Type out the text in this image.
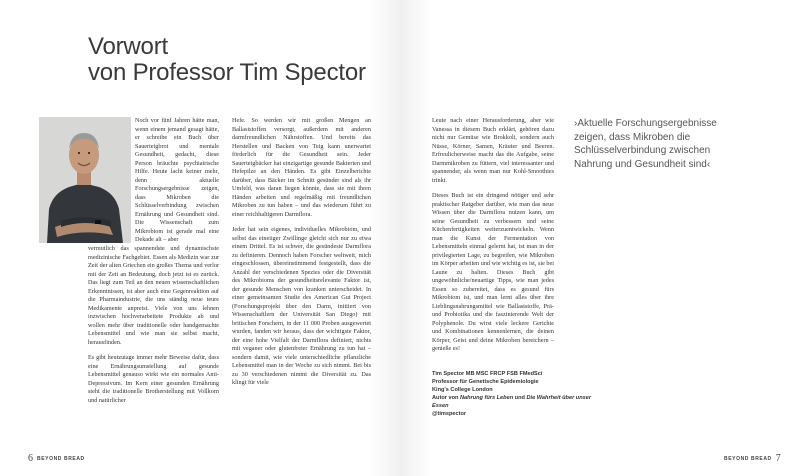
Vorwort
von Professor Tim Spector

Noch vor fünf Jahren hätte man, wenn einem jemand gesagt hätte, er schreibe ein Buch über Sauerteigbrot und mentale Gesundheit, gedacht, diese Person bräuchte psychiatrische Hilfe. Heute lacht keiner mehr, denn aktuelle Forschungsergebnisse zeigen, dass Mikroben die Schlüsselverbindung zwischen Ernährung und Gesundheit sind. Die Wissenschaft zum Mikrobiom ist gerade mal eine Dekade alt – aber

vermutlich das spannendste und dynamischste medizinische Fachgebiet. Essen als Medizin war zur Zeit der alten Griechen ein großes Thema und verlor mit der Zeit an Bedeutung, doch jetzt ist es zurück. Das liegt zum Teil an den neuen wissenschaftlichen Erkenntnissen, ist aber auch eine Gegenreaktion auf die Pharmaindustrie, die uns ständig neue teure Medikamente anpreist. Viele von uns lehnen inzwischen hochverarbeitete Produkte ab und wollen mehr über traditionelle oder handgemachte Lebensmittel und wie man sie selbst macht, herausfinden.

Es gibt heutzutage immer mehr Beweise dafür, dass eine Ernährungsumstellung auf gesunde Lebensmittel genauso wirkt wie ein normales Anti-Depressivum. Im Kern einer gesunden Ernährung steht die traditionelle Brotherstellung mit Vollkorn und natürlicher

Hefe. So werden wir mit großen Mengen an Ballaststoffen versorgt, außerdem mit anderen darmfreundlichen Nährstoffen. Und bereits das Herstellen und Backen von Teig kann unerwartet förderlich für die Gesundheit sein. Jeder Sauerteigbäcker hat einzigartige gesunde Bakterien und Hefepilze an den Händen. Es gibt Einzelberichte darüber, dass Bäcker im Schnitt gesünder sind als ihr Umfeld, was daran liegen könnte, dass sie mit ihren Händen arbeiten und regelmäßig mit freundlichen Mikroben zu tun haben – und das wiederum führt zu einer reichhaltigeren Darmflora.

Jeder hat sein eigenes, individuelles Mikrobiom, und selbst das eineiiger Zwillinge gleicht sich nur zu etwa einem Drittel. Es ist schwer, die gesündeste Darmflora zu definieren. Dennoch haben Forscher weltweit, mich eingeschlossen, übereinstimmend festgestellt, dass die Anzahl der verschiedenen Spezies oder die Diversität des Mikrobioms der gesundheitsrelevante Faktor ist, der gesunde Menschen von kranken unterscheidet. In einer gemeinsamen Studie des American Gut Project (Forschungsprojekt über den Darm, initiiert von Wissenschaftlern der Universität San Diego) mit britischen Forschern, in der 11 000 Proben ausgewertet wurden, fanden wir heraus, dass der wichtigste Faktor, der eine hohe Vielfalt der Darmflora definiert, nichts mit veganer oder glutenfreier Ernährung zu tun hat – sondern damit, wie viele unterschiedliche pflanzliche Lebensmittel man in der Woche zu sich nimmt. Bei bis zu 30 verschiedenen nimmt die Diversität zu. Das klingt für viele

Leute nach einer Herausforderung, aber wie Vanessa in diesem Buch erklärt, gehören dazu nicht nur Gemüse wie Brokkoli, sondern auch Nüsse, Körner, Samen, Kräuter und Beeren. Erfreulicherweise macht das die Aufgabe, seine Darmmikroben zu füttern, viel interessanter und spannender, als wenn man nur Kohl-Smoothies trinkt.

Dieses Buch ist ein dringend nötiger und sehr praktischer Ratgeber darüber, wie man das neue Wissen über die Darmflora nutzen kann, um seine Gesundheit zu verbessern und seine Küchenfertigkeiten weiterzuentwickeln. Wenn man die Kunst der Fermentation von Lebensmitteln einmal gelernt hat, ist man in der privilegierten Lage, zu begreifen, wie Mikroben im Körper arbeiten und wie wichtig es ist, sie bei Laune zu halten. Dieses Buch gibt ungewöhnliche/neuartige Tipps, wie man jedes Essen so zubereitet, dass es gesund fürs Mikrobiom ist, und man lernt alles über ihre Lieblingsnahrungsmittel wie Ballaststoffe, Prä- und Probiotika und die faszinierende Welt der Polyphenole. Du wirst viele leckere Gerichte und Kombinationen kennenlernen, die deinen Körper, Geist und deine Mikroben bereichern – genieße es!

›Aktuelle Forschungsergebnisse zeigen, dass Mikroben die Schlüsselverbindung zwischen Nahrung und Gesundheit sind‹

Tim Spector MB MSC FRCP FSB FMedSci
Professor für Genetische Epidemiologie
King's College London
Autor von Nahrung fürs Leben und Die Wahrheit über unser Essen
@timspector
6 BEYOND BREAD	BEYOND BREAD 7
